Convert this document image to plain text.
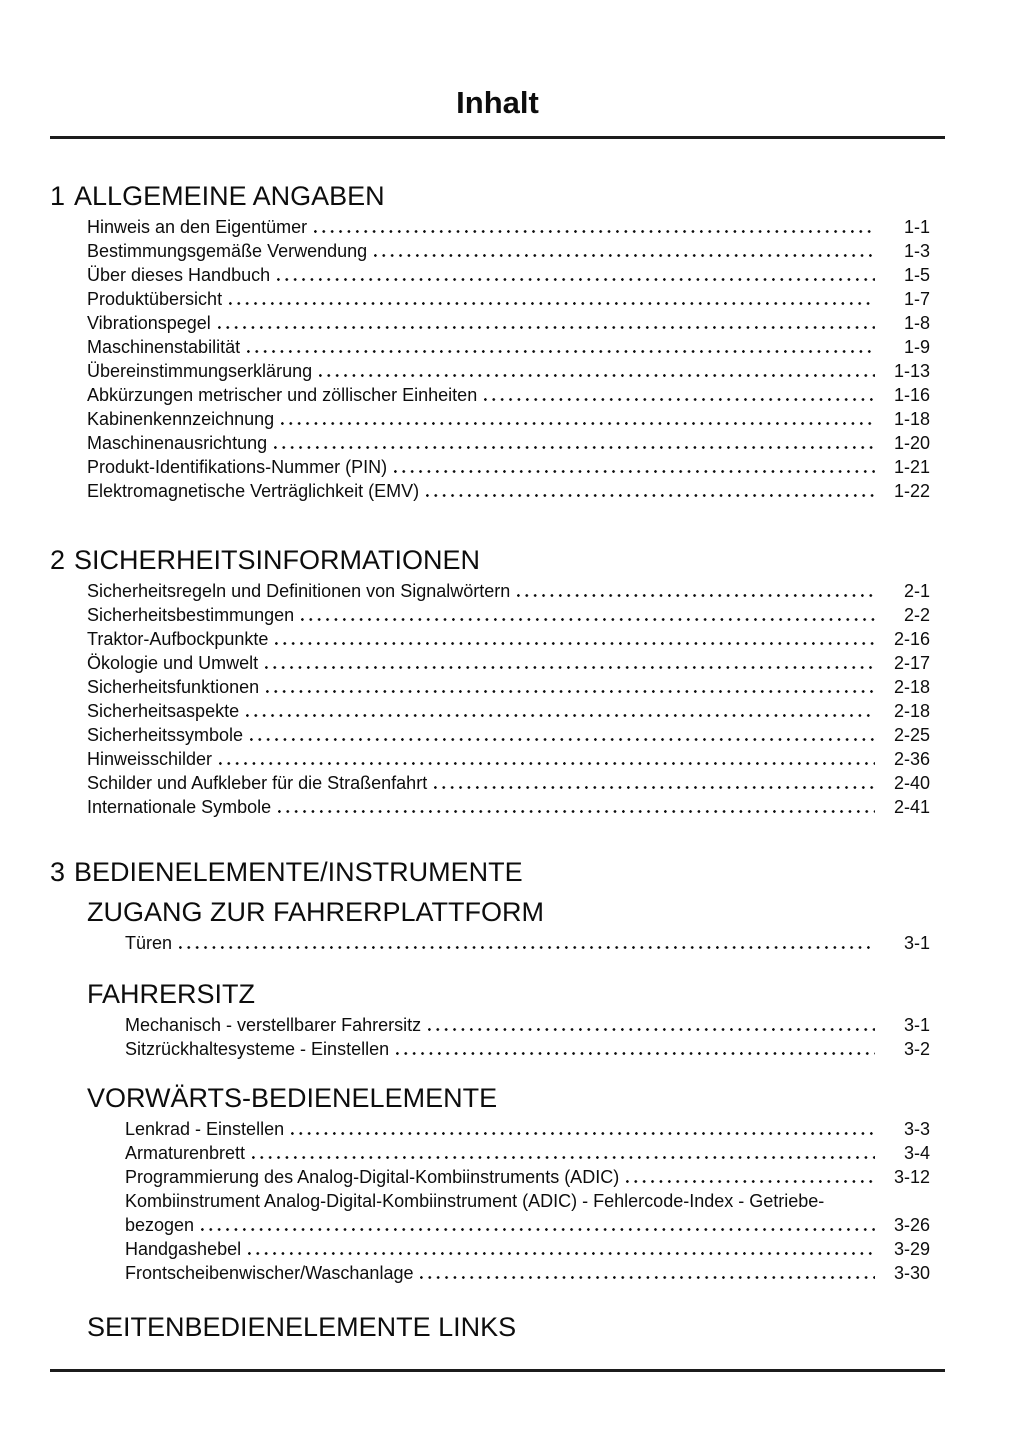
Inhalt
1 ALLGEMEINE ANGABEN
Hinweis an den Eigentümer	1-1
Bestimmungsgemäße Verwendung	1-3
Über dieses Handbuch	1-5
Produktübersicht	1-7
Vibrationspegel	1-8
Maschinenstabilität	1-9
Übereinstimmungserklärung	1-13
Abkürzungen metrischer und zöllischer Einheiten	1-16
Kabinenkennzeichnung	1-18
Maschinenausrichtung	1-20
Produkt-Identifikations-Nummer (PIN)	1-21
Elektromagnetische Verträglichkeit (EMV)	1-22
2 SICHERHEITSINFORMATIONEN
Sicherheitsregeln und Definitionen von Signalwörtern	2-1
Sicherheitsbestimmungen	2-2
Traktor-Aufbockpunkte	2-16
Ökologie und Umwelt	2-17
Sicherheitsfunktionen	2-18
Sicherheitsaspekte	2-18
Sicherheitssymbole	2-25
Hinweisschilder	2-36
Schilder und Aufkleber für die Straßenfahrt	2-40
Internationale Symbole	2-41
3 BEDIENELEMENTE/INSTRUMENTE
ZUGANG ZUR FAHRERPLATTFORM
Türen	3-1
FAHRERSITZ
Mechanisch - verstellbarer Fahrersitz	3-1
Sitzrückhaltesysteme - Einstellen	3-2
VORWÄRTS-BEDIENELEMENTE
Lenkrad - Einstellen	3-3
Armaturenbrett	3-4
Programmierung des Analog-Digital-Kombiinstruments (ADIC)	3-12
Kombiinstrument Analog-Digital-Kombiinstrument (ADIC) - Fehlercode-Index - Getriebe-
bezogen	3-26
Handgashebel	3-29
Frontscheibenwischer/Waschanlage	3-30
SEITENBEDIENELEMENTE LINKS
